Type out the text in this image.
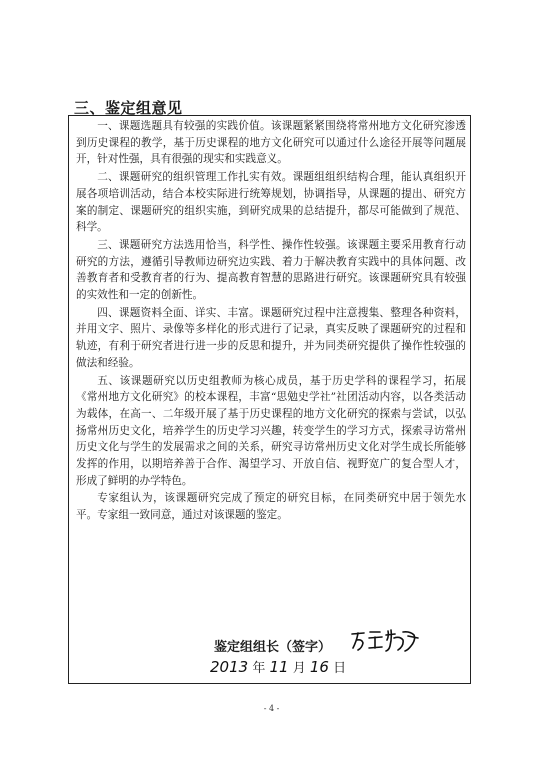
三、鉴定组意见

一、课题选题具有较强的实践价值。该课题紧紧围绕将常州地方文化研究渗透到历史课程的教学，基于历史课程的地方文化研究可以通过什么途径开展等问题展开，针对性强，具有很强的现实和实践意义。

二、课题研究的组织管理工作扎实有效。课题组组织结构合理，能认真组织开展各项培训活动，结合本校实际进行统筹规划，协调指导，从课题的提出、研究方案的制定、课题研究的组织实施，到研究成果的总结提升，都尽可能做到了规范、科学。

三、课题研究方法选用恰当，科学性、操作性较强。该课题主要采用教育行动研究的方法，遵循引导教师边研究边实践、着力于解决教育实践中的具体问题、改善教育者和受教育者的行为、提高教育智慧的思路进行研究。该课题研究具有较强的实效性和一定的创新性。

四、课题资料全面、详实、丰富。课题研究过程中注意搜集、整理各种资料，并用文字、照片、录像等多样化的形式进行了记录，真实反映了课题研究的过程和轨迹，有利于研究者进行进一步的反思和提升，并为同类研究提供了操作性较强的做法和经验。

五、该课题研究以历史组教师为核心成员，基于历史学科的课程学习，拓展《常州地方文化研究》的校本课程，丰富“思勉史学社”社团活动内容，以各类活动为载体，在高一、二年级开展了基于历史课程的地方文化研究的探索与尝试，以弘扬常州历史文化，培养学生的历史学习兴趣，转变学生的学习方式，探索寻访常州历史文化与学生的发展需求之间的关系，研究寻访常州历史文化对学生成长所能够发挥的作用，以期培养善于合作、渴望学习、开放自信、视野宽广的复合型人才，形成了鲜明的办学特色。

专家组认为，该课题研究完成了预定的研究目标，在同类研究中居于领先水平。专家组一致同意，通过对该课题的鉴定。

鉴定组组长（签字）
2013 年 11 月 16 日
- 4 -
